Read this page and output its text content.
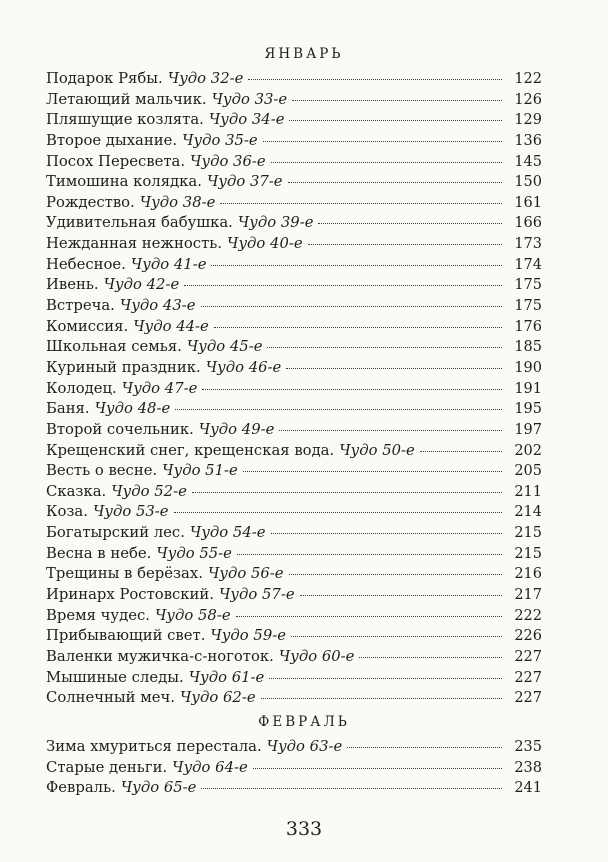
ЯНВАРЬ
Подарок Рябы. Чудо 32-е	122
Летающий мальчик. Чудо 33-е	126
Пляшущие козлята. Чудо 34-е	129
Второе дыхание. Чудо 35-е	136
Посох Пересвета. Чудо 36-е	145
Тимошина колядка. Чудо 37-е	150
Рождество. Чудо 38-е	161
Удивительная бабушка. Чудо 39-е	166
Нежданная нежность. Чудо 40-е	173
Небесное. Чудо 41-е	174
Ивень. Чудо 42-е	175
Встреча. Чудо 43-е	175
Комиссия. Чудо 44-е	176
Школьная семья. Чудо 45-е	185
Куриный праздник. Чудо 46-е	190
Колодец. Чудо 47-е	191
Баня. Чудо 48-е	195
Второй сочельник. Чудо 49-е	197
Крещенский снег, крещенская вода. Чудо 50-е	202
Весть о весне. Чудо 51-е	205
Сказка. Чудо 52-е	211
Коза. Чудо 53-е	214
Богатырский лес. Чудо 54-е	215
Весна в небе. Чудо 55-е	215
Трещины в берёзах. Чудо 56-е	216
Иринарх Ростовский. Чудо 57-е	217
Время чудес. Чудо 58-е	222
Прибывающий свет. Чудо 59-е	226
Валенки мужичка-с-ноготок. Чудо 60-е	227
Мышиные следы. Чудо 61-е	227
Солнечный меч. Чудо 62-е	227
ФЕВРАЛЬ
Зима хмуриться перестала. Чудо 63-е	235
Старые деньги. Чудо 64-е	238
Февраль. Чудо 65-е	241
333
